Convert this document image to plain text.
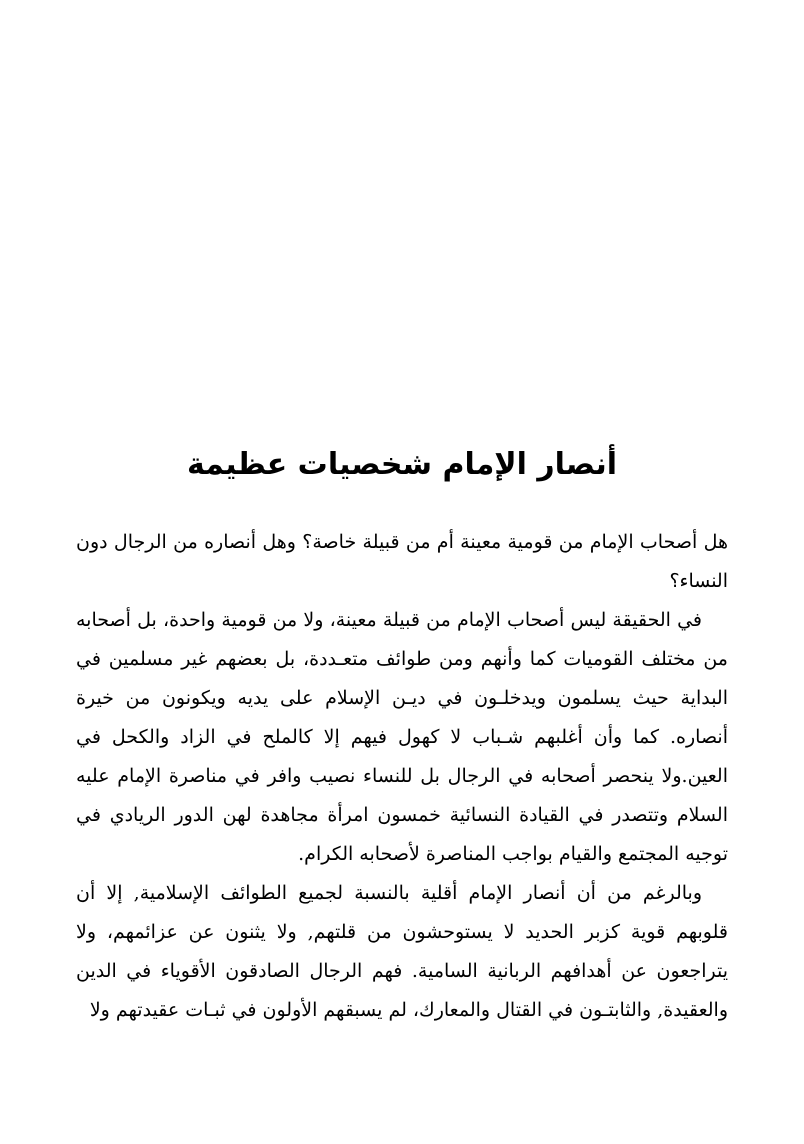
أنصار الإمام شخصيات عظيمة

هل أصحاب الإمام من قومية معينة أم من قبيلة خاصة؟ وهل أنصاره من الرجال دون النساء؟

في الحقيقة ليس أصحاب الإمام من قبيلة معينة، ولا من قومية واحدة، بل أصحابه من مختلف القوميات كما وأنهم ومن طوائف متعـددة، بل بعضهم غير مسلمين في البداية حيث يسلمون ويدخلـون في ديـن الإسلام على يديه ويكونون من خيرة أنصاره. كما وأن أغلبهم شـباب لا كهول فيهم إلا كالملح في الزاد والكحل في العين.ولا ينحصر أصحابه في الرجال بل للنساء نصيب وافر في مناصرة الإمام عليه السلام وتتصدر في القيادة النسائية خمسون امرأة مجاهدة لهن الدور الريادي في توجيه المجتمع والقيام بواجب المناصرة لأصحابه الكرام.

وبالرغم من أن أنصار الإمام أقلية بالنسبة لجميع الطوائف الإسلامية, إلا أن قلوبهم قوية كزبر الحديد لا يستوحشون من قلتهم, ولا يثنون عن عزائمهم، ولا يتراجعون عن أهدافهم الربانية السامية. فهم الرجال الصادقون الأقوياء في الدين والعقيدة, والثابتـون في القتال والمعارك، لم يسبقهم الأولون في ثبـات عقيدتهم ولا
